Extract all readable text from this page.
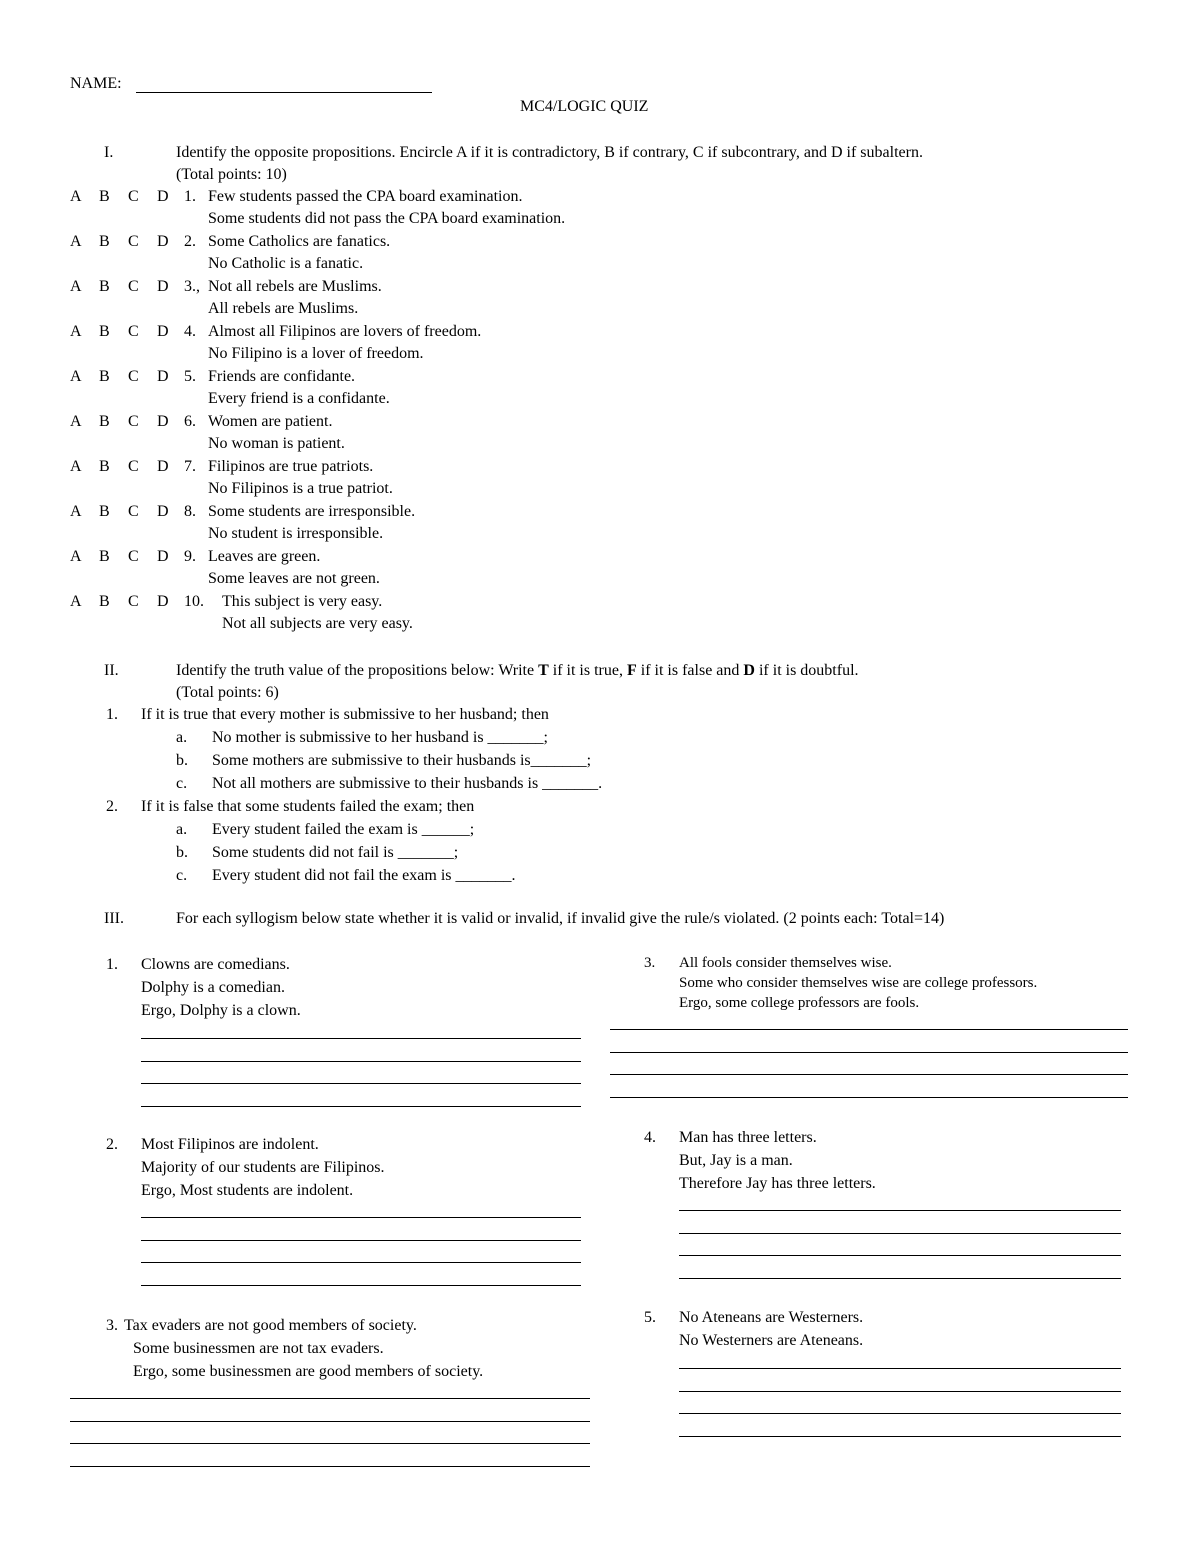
NAME:
MC4/LOGIC QUIZ
I.	Identify the opposite propositions. Encircle A if it is contradictory, B if contrary, C if subcontrary, and D if subaltern.
(Total points: 10)
A B C D 1. Few students passed the CPA board examination.
Some students did not pass the CPA board examination.
A B C D 2. Some Catholics are fanatics.
No Catholic is a fanatic.
A B C D 3., Not all rebels are Muslims.
All rebels are Muslims.
A B C D 4. Almost all Filipinos are lovers of freedom.
No Filipino is a lover of freedom.
A B C D 5. Friends are confidante.
Every friend is a confidante.
A B C D 6. Women are patient.
No woman is patient.
A B C D 7. Filipinos are true patriots.
No Filipinos is a true patriot.
A B C D 8. Some students are irresponsible.
No student is irresponsible.
A B C D 9. Leaves are green.
Some leaves are not green.
A B C D 10. This subject is very easy.
Not all subjects are very easy.
II.	Identify the truth value of the propositions below: Write T if it is true, F if it is false and D if it is doubtful.
(Total points: 6)
1. If it is true that every mother is submissive to her husband; then
a. No mother is submissive to her husband is _______;
b. Some mothers are submissive to their husbands is_______;
c. Not all mothers are submissive to their husbands is _______.
2. If it is false that some students failed the exam; then
a. Every student failed the exam is ______;
b. Some students did not fail is _______;
c. Every student did not fail the exam is _______.
III.	For each syllogism below state whether it is valid or invalid, if invalid give the rule/s violated. (2 points each: Total=14)
1. Clowns are comedians.
Dolphy is a comedian.
Ergo, Dolphy is a clown.
2. Most Filipinos are indolent.
Majority of our students are Filipinos.
Ergo, Most students are indolent.
3. Tax evaders are not good members of society.
Some businessmen are not tax evaders.
Ergo, some businessmen are good members of society.
3. All fools consider themselves wise.
Some who consider themselves wise are college professors.
Ergo, some college professors are fools.
4. Man has three letters.
But, Jay is a man.
Therefore Jay has three letters.
5. No Ateneans are Westerners.
No Westerners are Ateneans.
